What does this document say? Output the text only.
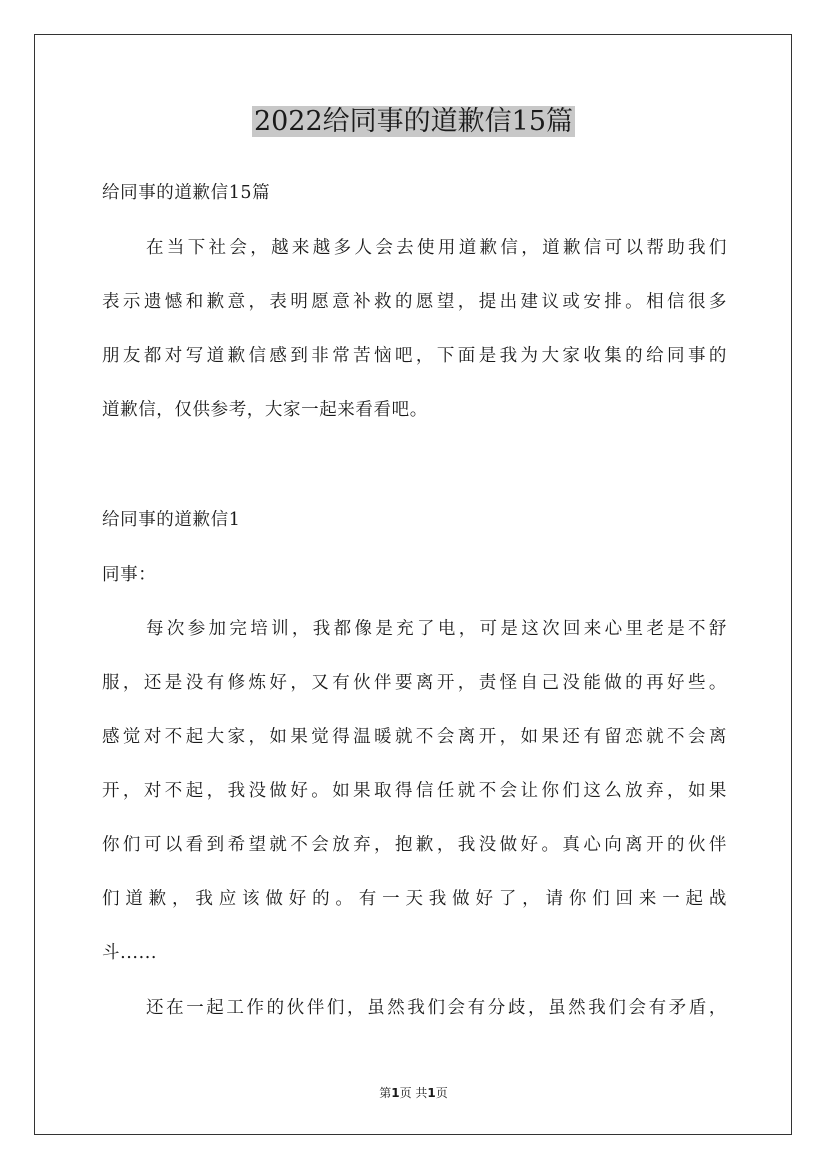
2022给同事的道歉信15篇
给同事的道歉信15篇
在当下社会，越来越多人会去使用道歉信，道歉信可以帮助我们
表示遗憾和歉意，表明愿意补救的愿望，提出建议或安排。相信很多
朋友都对写道歉信感到非常苦恼吧，下面是我为大家收集的给同事的
道歉信，仅供参考，大家一起来看看吧。
给同事的道歉信1
同事：
每次参加完培训，我都像是充了电，可是这次回来心里老是不舒
服，还是没有修炼好，又有伙伴要离开，责怪自己没能做的再好些。
感觉对不起大家，如果觉得温暖就不会离开，如果还有留恋就不会离
开，对不起，我没做好。如果取得信任就不会让你们这么放弃，如果
你们可以看到希望就不会放弃，抱歉，我没做好。真心向离开的伙伴
们道歉，我应该做好的。有一天我做好了，请你们回来一起战
斗......
还在一起工作的伙伴们，虽然我们会有分歧，虽然我们会有矛盾，
第1页 共1页
